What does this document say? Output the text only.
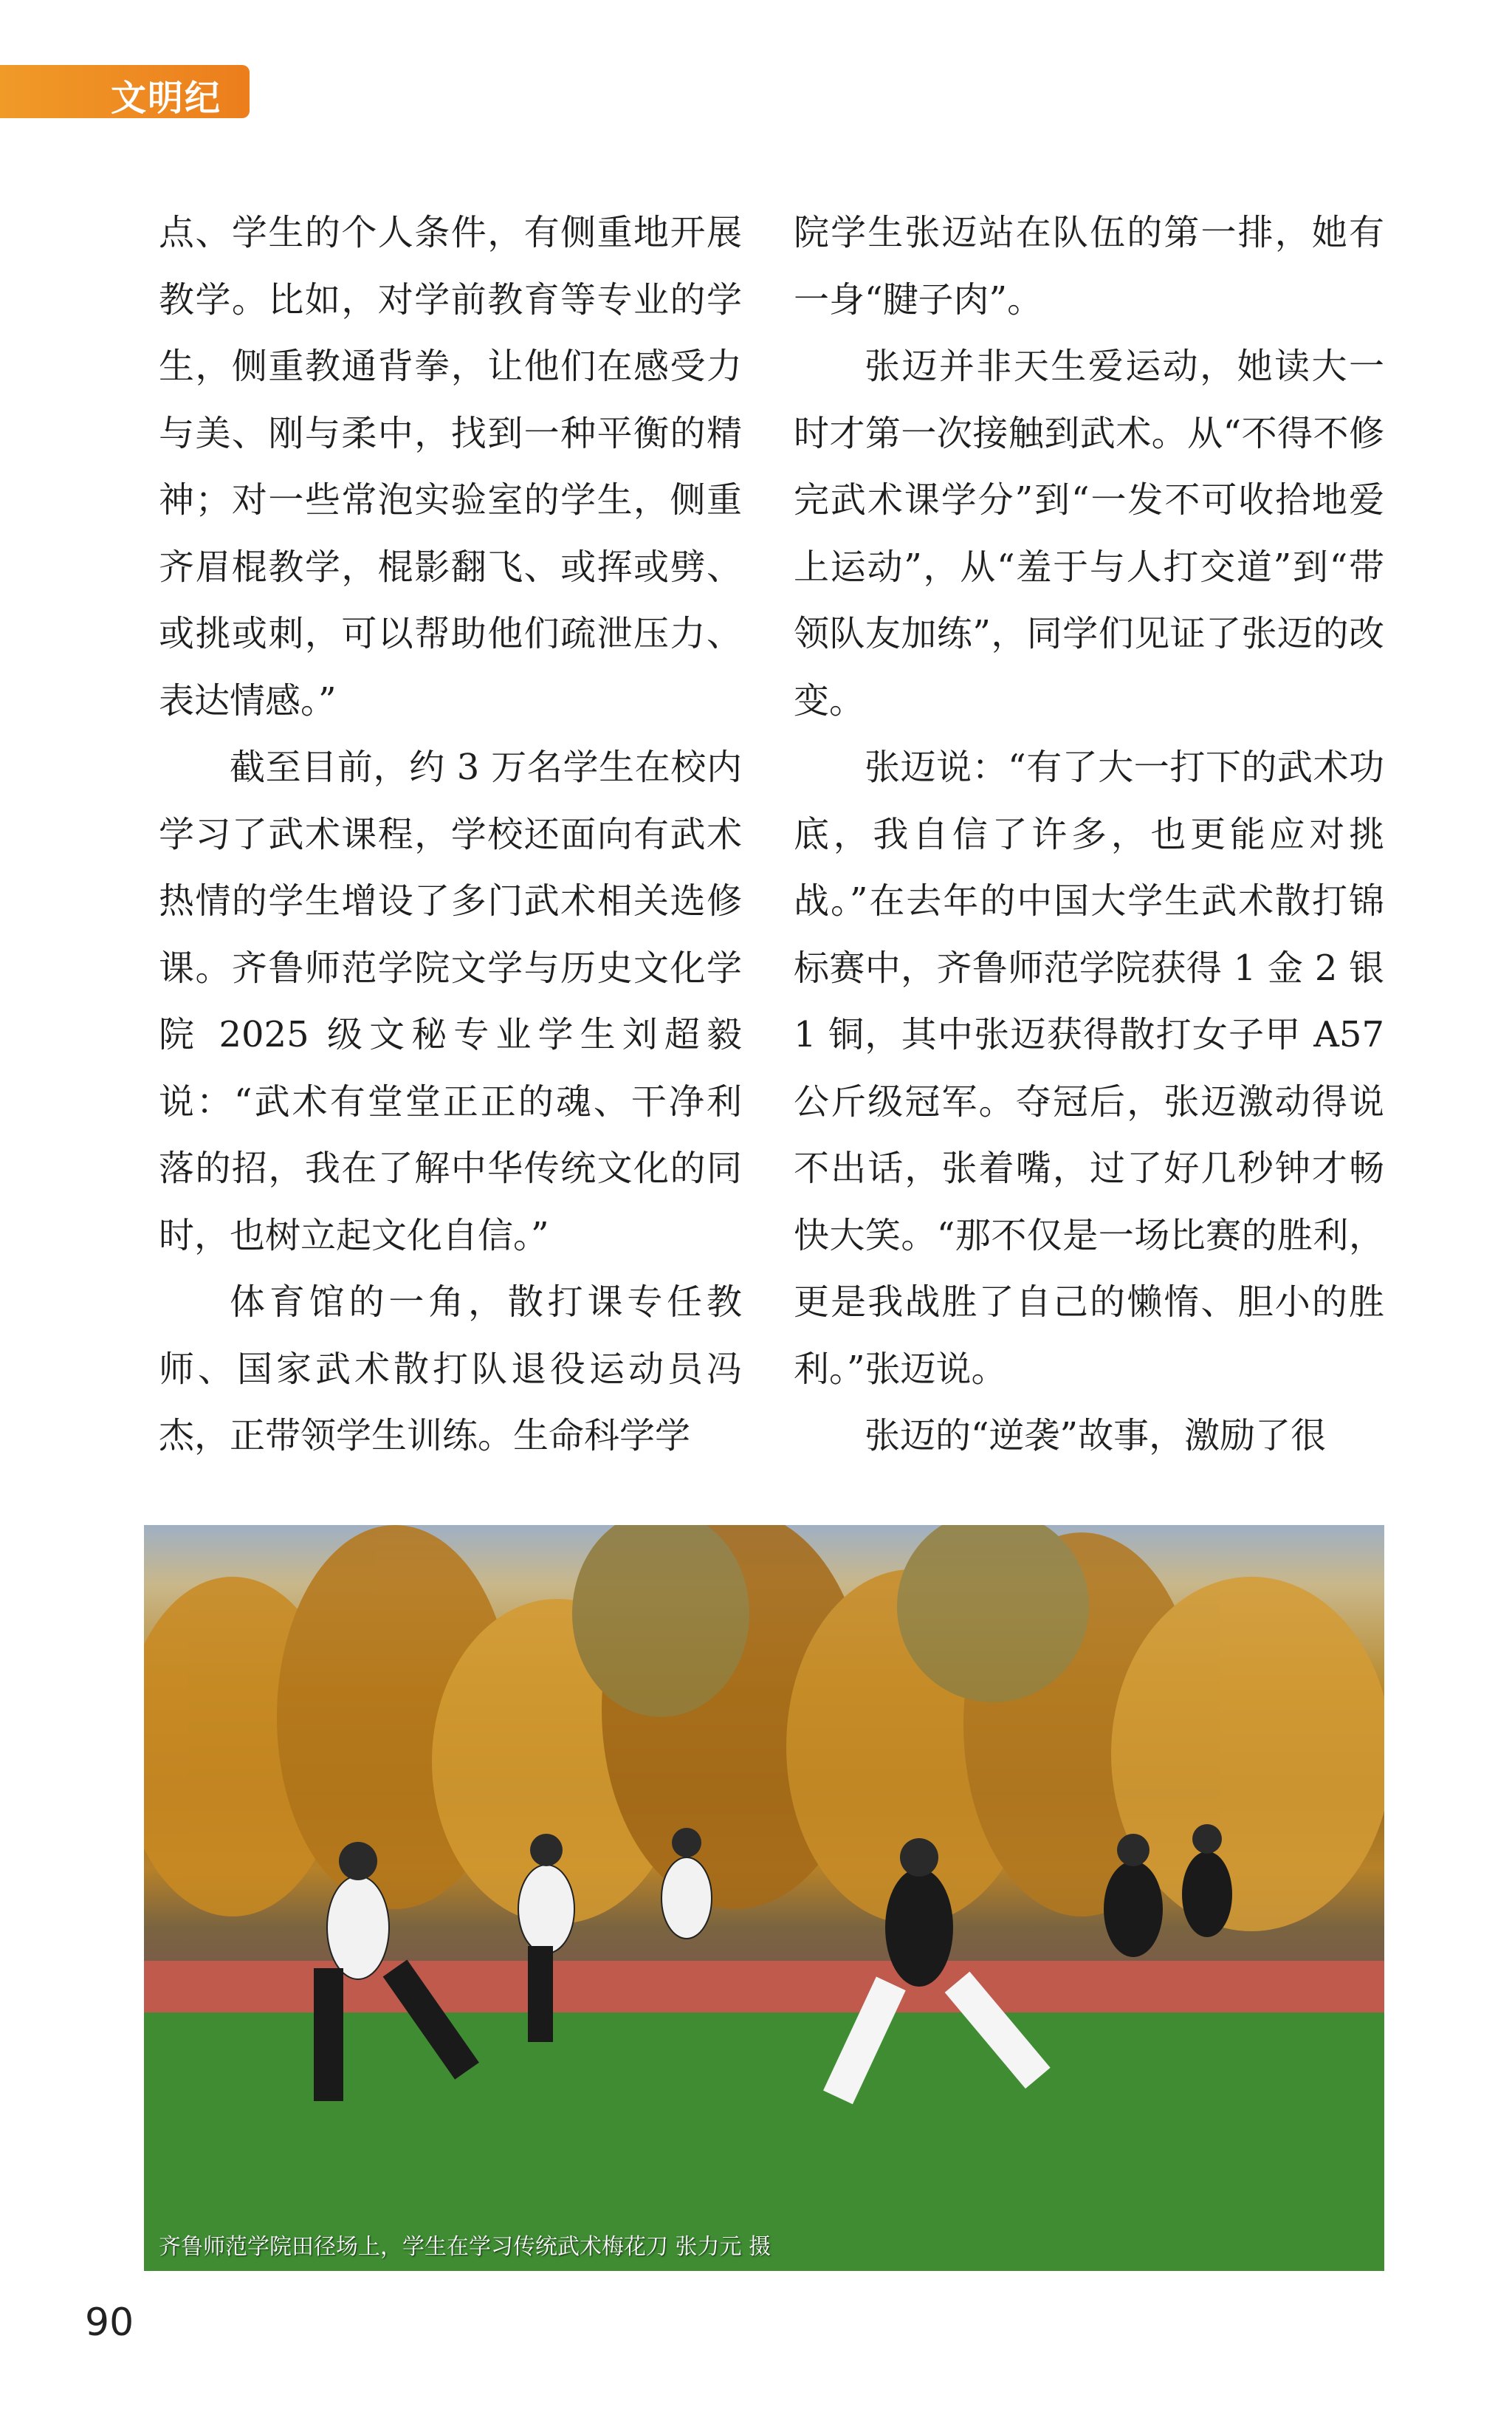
文明纪

点、学生的个人条件，有侧重地开展教学。比如，对学前教育等专业的学生，侧重教通背拳，让他们在感受力与美、刚与柔中，找到一种平衡的精神；对一些常泡实验室的学生，侧重齐眉棍教学，棍影翻飞、或挥或劈、或挑或刺，可以帮助他们疏泄压力、表达情感。”

截至目前，约 3 万名学生在校内学习了武术课程，学校还面向有武术热情的学生增设了多门武术相关选修课。齐鲁师范学院文学与历史文化学院 2025 级文秘专业学生刘超毅说：“武术有堂堂正正的魂、干净利落的招，我在了解中华传统文化的同时，也树立起文化自信。”

体育馆的一角，散打课专任教师、国家武术散打队退役运动员冯杰，正带领学生训练。生命科学学

院学生张迈站在队伍的第一排，她有一身“腱子肉”。

张迈并非天生爱运动，她读大一时才第一次接触到武术。从“不得不修完武术课学分”到“一发不可收拾地爱上运动”，从“羞于与人打交道”到“带领队友加练”，同学们见证了张迈的改变。

张迈说：“有了大一打下的武术功底，我自信了许多，也更能应对挑战。”在去年的中国大学生武术散打锦标赛中，齐鲁师范学院获得 1 金 2 银 1 铜，其中张迈获得散打女子甲 A57 公斤级冠军。夺冠后，张迈激动得说不出话，张着嘴，过了好几秒钟才畅快大笑。“那不仅是一场比赛的胜利，更是我战胜了自己的懒惰、胆小的胜利。”张迈说。

张迈的“逆袭”故事，激励了很

齐鲁师范学院田径场上，学生在学习传统武术梅花刀 张力元 摄
90
